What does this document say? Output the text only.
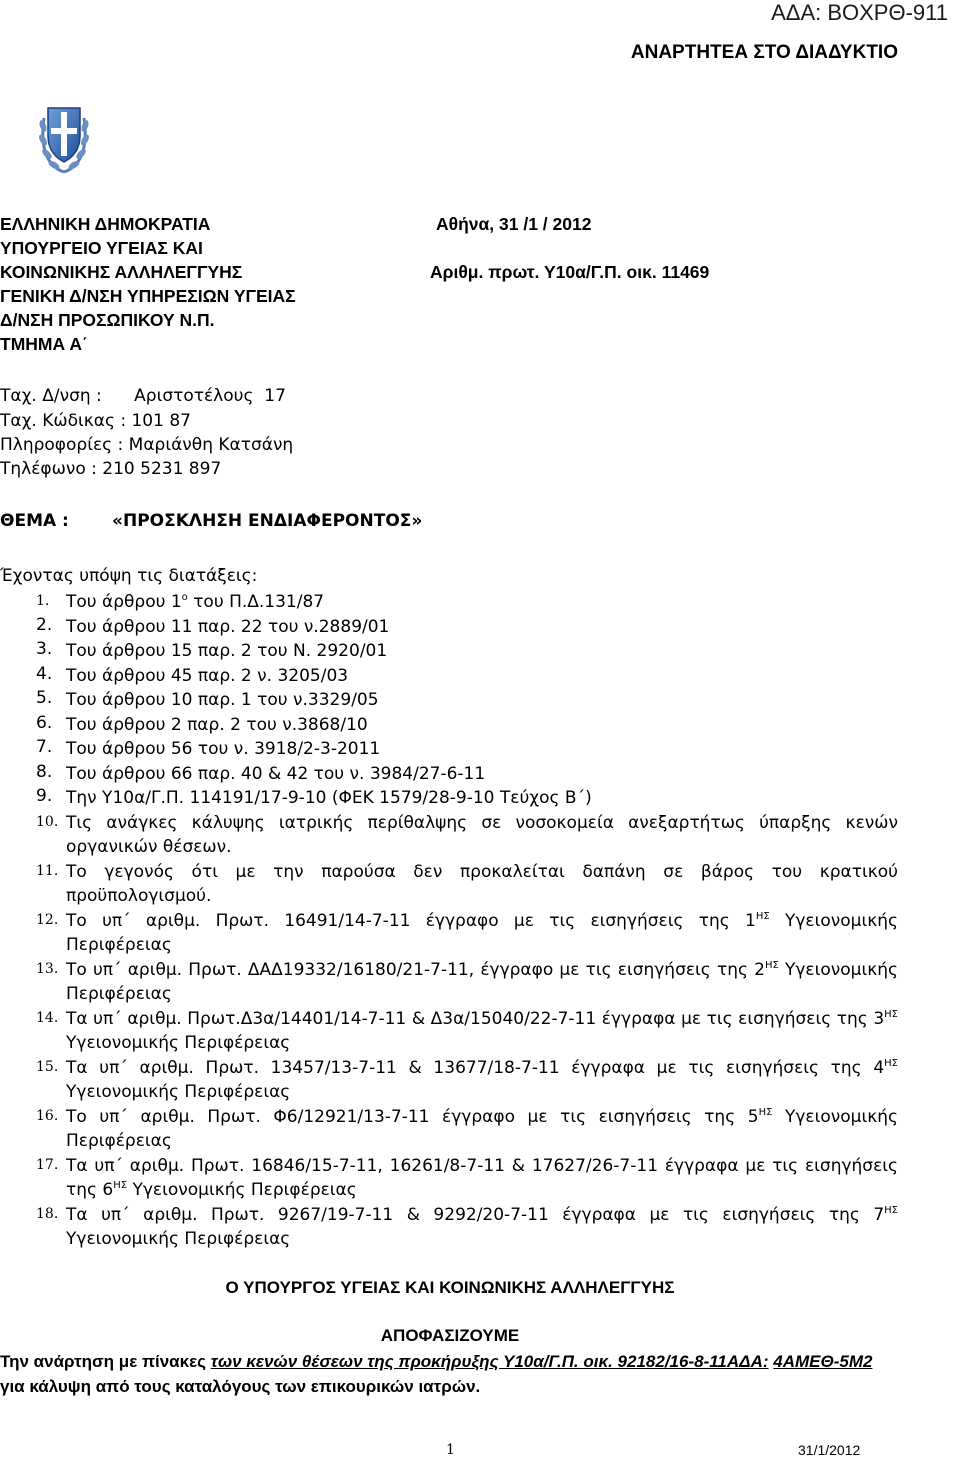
ΑΔΑ: ΒΟΧΡΘ-911
ΑΝΑΡΤΗΤΕΑ ΣΤΟ ΔΙΑΔΥΚΤΙΟ
ΕΛΛΗΝΙΚΗ ΔΗΜΟΚΡΑΤΙΑ
ΥΠΟΥΡΓΕΙΟ ΥΓΕΙΑΣ ΚΑΙ
ΚΟΙΝΩΝΙΚΗΣ ΑΛΛΗΛΕΓΓΥΗΣ
ΓΕΝΙΚΗ Δ/ΝΣΗ ΥΠΗΡΕΣΙΩΝ ΥΓΕΙΑΣ
Δ/ΝΣΗ ΠΡΟΣΩΠΙΚΟΥ Ν.Π.
ΤΜΗΜΑ Α΄
Αθήνα, 31 /1 / 2012
Αριθμ. πρωτ. Υ10α/Γ.Π. οικ. 11469
Ταχ. Δ/νση :      Αριστοτέλους  17
Ταχ. Κώδικας : 101 87
Πληροφορίες : Μαριάνθη Κατσάνη
Τηλέφωνο : 210 5231 897
ΘΕΜΑ :	«ΠΡΟΣΚΛΗΣΗ ΕΝΔΙΑΦΕΡΟΝΤΟΣ»
Έχοντας υπόψη τις διατάξεις:
1. Του άρθρου $1^o$ του Π.Δ.131/87
2. Του άρθρου 11 παρ. 22 του ν.2889/01
3. Του άρθρου 15 παρ. 2 του Ν. 2920/01
4. Του άρθρου 45 παρ. 2 ν. 3205/03
5. Του άρθρου 10 παρ. 1 του ν.3329/05
6. Του άρθρου 2 παρ. 2 του ν.3868/10
7. Του άρθρου 56 του ν. 3918/2-3-2011
8. Του άρθρου 66 παρ. 40 & 42 του ν. 3984/27-6-11
9. Την Υ10α/Γ.Π. 114191/17-9-10 (ΦΕΚ 1579/28-9-10 Τεύχος Β΄)
10. Τις ανάγκες κάλυψης ιατρικής περίθαλψης σε νοσοκομεία ανεξαρτήτως ύπαρξης κενών οργανικών θέσεων.
11. Το γεγονός ότι με την παρούσα δεν προκαλείται δαπάνη σε βάρος του κρατικού προϋπολογισμού.
12. Το υπ΄ αριθμ. Πρωτ. 16491/14-7-11 έγγραφο με τις εισηγήσεις της $1^{H\Sigma}$ Υγειονομικής Περιφέρειας
13. Το υπ΄ αριθμ. Πρωτ. ΔΑΔ19332/16180/21-7-11, έγγραφο με τις εισηγήσεις της $2^{H\Sigma}$ Υγειονομικής Περιφέρειας
14. Τα υπ΄ αριθμ. Πρωτ.Δ3α/14401/14-7-11 & Δ3α/15040/22-7-11 έγγραφα με τις εισηγήσεις της $3^{H\Sigma}$ Υγειονομικής Περιφέρειας
15. Τα υπ΄ αριθμ. Πρωτ. 13457/13-7-11 & 13677/18-7-11 έγγραφα με τις εισηγήσεις της $4^{H\Sigma}$ Υγειονομικής Περιφέρειας
16. Το υπ΄ αριθμ. Πρωτ. Φ6/12921/13-7-11 έγγραφο με τις εισηγήσεις της $5^{H\Sigma}$ Υγειονομικής Περιφέρειας
17. Τα υπ΄ αριθμ. Πρωτ. 16846/15-7-11, 16261/8-7-11 & 17627/26-7-11 έγγραφα με τις εισηγήσεις της $6^{H\Sigma}$ Υγειονομικής Περιφέρειας
18. Τα υπ΄ αριθμ. Πρωτ. 9267/19-7-11 & 9292/20-7-11 έγγραφα με τις εισηγήσεις της $7^{H\Sigma}$ Υγειονομικής Περιφέρειας
Ο ΥΠΟΥΡΓΟΣ ΥΓΕΙΑΣ ΚΑΙ ΚΟΙΝΩΝΙΚΗΣ ΑΛΛΗΛΕΓΓΥΗΣ
ΑΠΟΦΑΣΙΖΟΥΜΕ
Την ανάρτηση με πίνακες των κενών θέσεων της προκήρυξης Υ10α/Γ.Π. οικ. 92182/16-8-11ΑΔΑ: 4ΑΜΕΘ-5Μ2 για κάλυψη από τους καταλόγους των επικουρικών ιατρών.
1	31/1/2012
